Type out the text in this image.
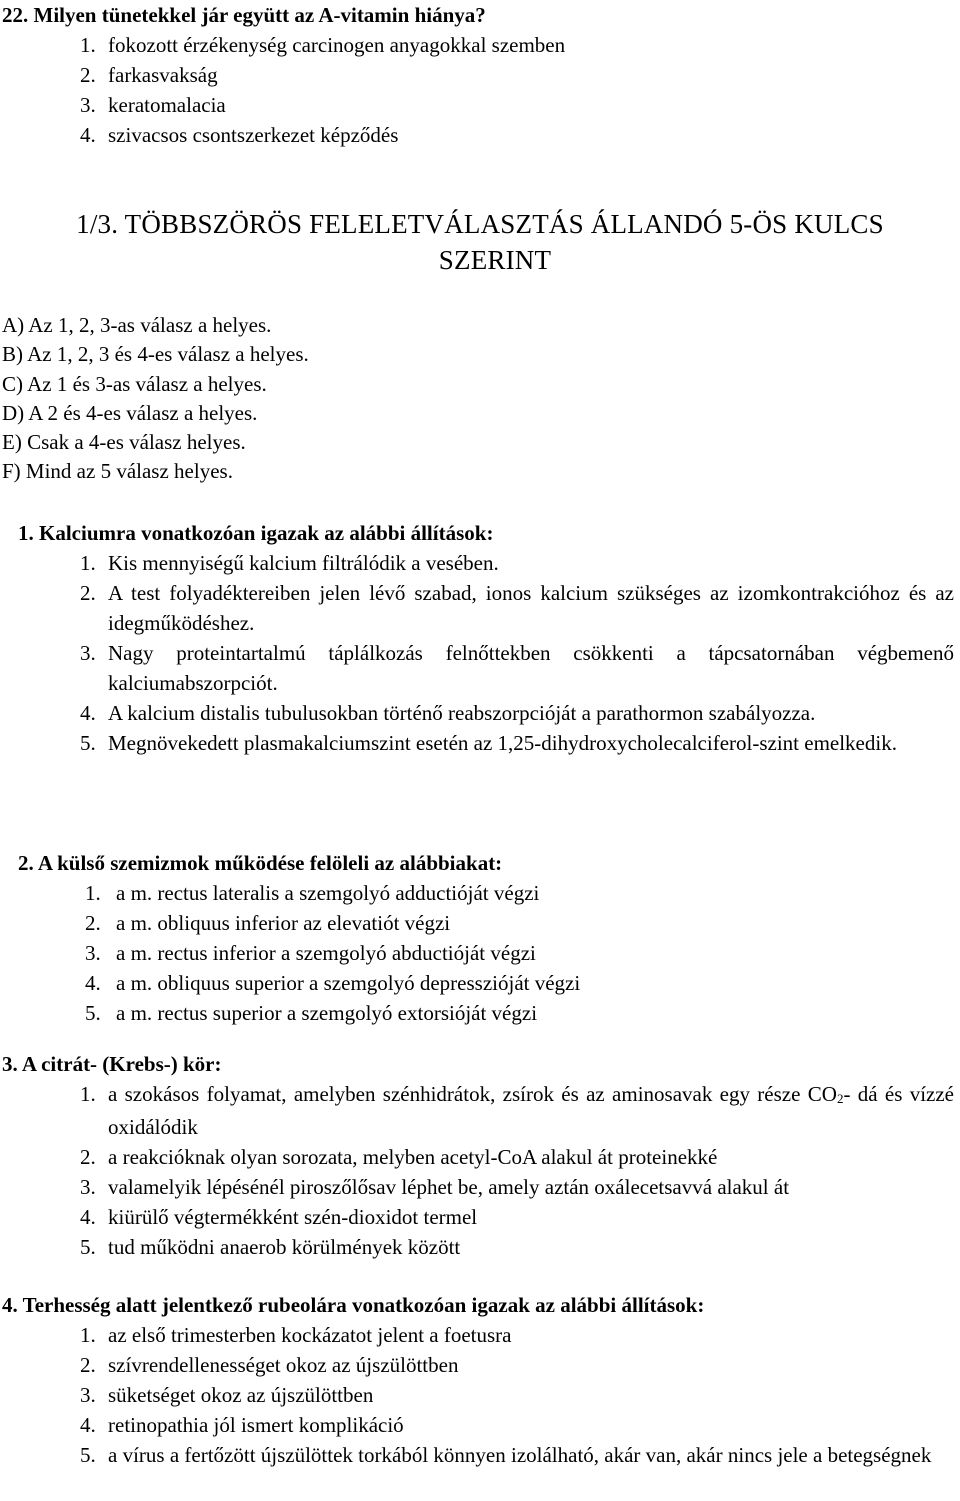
22. Milyen tünetekkel jár együtt az A-vitamin hiánya?

1. fokozott érzékenység carcinogen anyagokkal szemben
2. farkasvakság
3. keratomalacia
4. szivacsos csontszerkezet képződés

1/3. TÖBBSZÖRÖS FELELETVÁLASZTÁS ÁLLANDÓ 5-ÖS KULCS

SZERINT

A) Az 1, 2, 3-as válasz a helyes.
B) Az 1, 2, 3 és 4-es válasz a helyes.
C) Az 1 és 3-as válasz a helyes.
D) A 2 és 4-es válasz a helyes.
E) Csak a 4-es válasz helyes.
F) Mind az 5 válasz helyes.

1. Kalciumra vonatkozóan igazak az alábbi állítások:

1. Kis mennyiségű kalcium filtrálódik a vesében.
2. A test folyadéktereiben jelen lévő szabad, ionos kalcium szükséges az izomkontrakcióhoz és az idegműködéshez.
3. Nagy proteintartalmú táplálkozás felnőttekben csökkenti a tápcsatornában végbemenő kalciumabszorpciót.
4. A kalcium distalis tubulusokban történő reabszorpcióját a parathormon szabályozza.
5. Megnövekedett plasmakalciumszint esetén az 1,25-dihydroxycholecalciferol-szint emelkedik.

2. A külső szemizmok működése felöleli az alábbiakat:

1. a m. rectus lateralis a szemgolyó adductióját végzi
2. a m. obliquus inferior az elevatiót végzi
3. a m. rectus inferior a szemgolyó abductióját végzi
4. a m. obliquus superior a szemgolyó depresszióját végzi
5. a m. rectus superior a szemgolyó extorsióját végzi

3. A citrát- (Krebs-) kör:

1. a szokásos folyamat, amelyben szénhidrátok, zsírok és az aminosavak egy része $CO_2-$ dá és vízzé oxidálódik
2. a reakcióknak olyan sorozata, melyben acetyl-CoA alakul át proteinekké
3. valamelyik lépésénél piroszőlősav léphet be, amely aztán oxálecetsavvá alakul át
4. kiürülő végtermékként szén-dioxidot termel
5. tud működni anaerob körülmények között

4. Terhesség alatt jelentkező rubeolára vonatkozóan igazak az alábbi állítások:

1. az első trimesterben kockázatot jelent a foetusra
2. szívrendellenességet okoz az újszülöttben
3. süketséget okoz az újszülöttben
4. retinopathia jól ismert komplikáció
5. a vírus a fertőzött újszülöttek torkából könnyen izolálható, akár van, akár nincs jele a betegségnek
